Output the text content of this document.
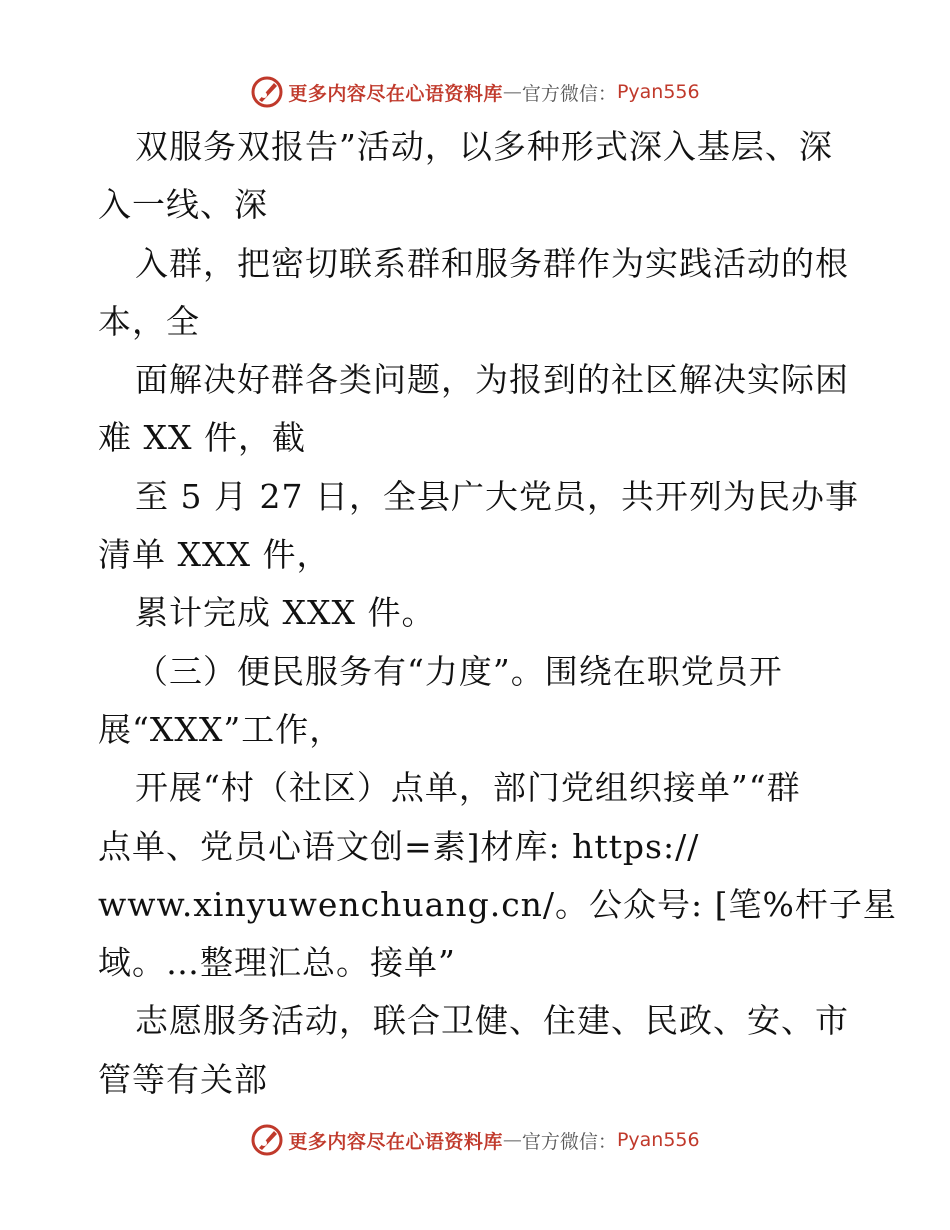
更多内容尽在心语资料库 — 官方微信： Pyan556
双服务双报告”活动，以多种形式深入基层、深
入一线、深
入群，把密切联系群和服务群作为实践活动的根
本，全
面解决好群各类问题，为报到的社区解决实际困
难 XX 件，截
至 5 月 27 日，全县广大党员，共开列为民办事
清单 XXX 件，
累计完成 XXX 件。
（三）便民服务有“力度”。围绕在职党员开
展“XXX”工作，
开展“村（社区）点单，部门党组织接单”“群
点单、党员心语文创=素]材库: https://
www.xinyuwenchuang.cn/。公众号: [笔%杆子星
域。…整理汇总。接单”
志愿服务活动，联合卫健、住建、民政、安、市
管等有关部
更多内容尽在心语资料库 — 官方微信： Pyan556
